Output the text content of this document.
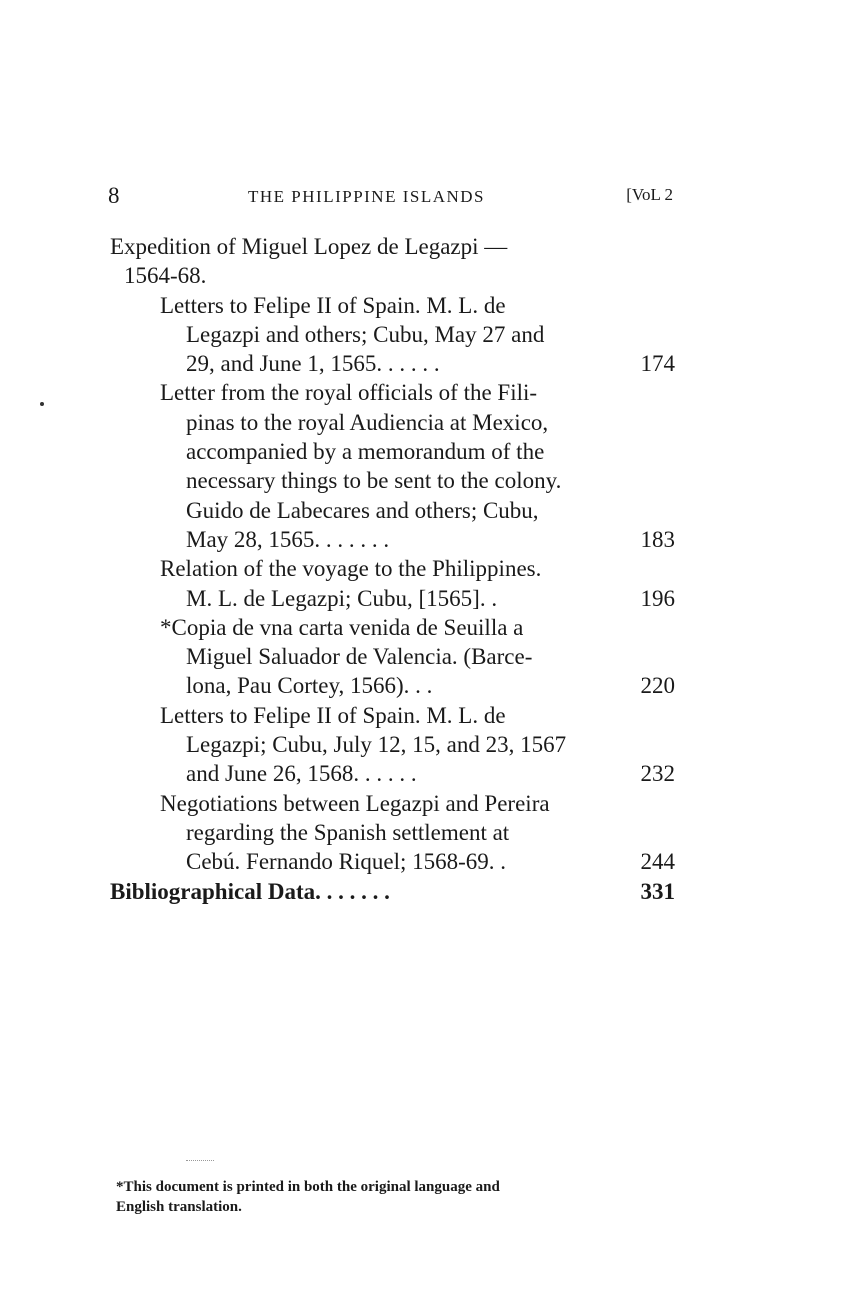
8	THE PHILIPPINE ISLANDS	[VoL 2
Expedition of Miguel Lopez de Legazpi —
1564-68.
Letters to Felipe II of Spain. M. L. de
Legazpi and others; Cubu, May 27 and
29, and June 1, 1565. . . . . .	174
Letter from the royal officials of the Fili-
pinas to the royal Audiencia at Mexico,
accompanied by a memorandum of the
necessary things to be sent to the colony.
Guido de Labecares and others; Cubu,
May 28, 1565. . . . . . .	183
Relation of the voyage to the Philippines.
M. L. de Legazpi; Cubu, [1565]. .	196
*Copia de vna carta venida de Seuilla a
Miguel Saluador de Valencia. (Barce-
lona, Pau Cortey, 1566). . .	220
Letters to Felipe II of Spain. M. L. de
Legazpi; Cubu, July 12, 15, and 23, 1567
and June 26, 1568. . . . . .	232
Negotiations between Legazpi and Pereira
regarding the Spanish settlement at
Cebú. Fernando Riquel; 1568-69. .	244
Bibliographical Data. . . . . . .	331
*This document is printed in both the original language and
English translation.
